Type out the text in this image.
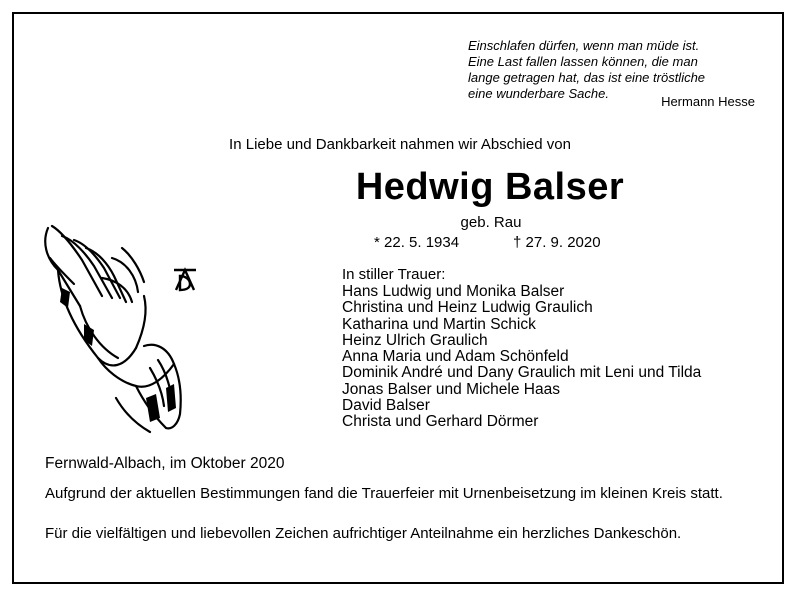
Einschlafen dürfen, wenn man müde ist.
Eine Last fallen lassen können, die man
lange getragen hat, das ist eine tröstliche
eine wunderbare Sache.
Hermann Hesse
In Liebe und Dankbarkeit nahmen wir Abschied von
Hedwig Balser
geb. Rau
* 22. 5. 1934	† 27. 9. 2020
In stiller Trauer:
Hans Ludwig und Monika Balser
Christina und Heinz Ludwig Graulich
Katharina und Martin Schick
Heinz Ulrich Graulich
Anna Maria und Adam Schönfeld
Dominik André und Dany Graulich mit Leni und Tilda
Jonas Balser und Michele Haas
David Balser
Christa und Gerhard Dörmer
Fernwald-Albach, im Oktober 2020
Aufgrund der aktuellen Bestimmungen fand die Trauerfeier mit Urnenbeisetzung im kleinen Kreis statt.
Für die vielfältigen und liebevollen Zeichen aufrichtiger Anteilnahme ein herzliches Dankeschön.
